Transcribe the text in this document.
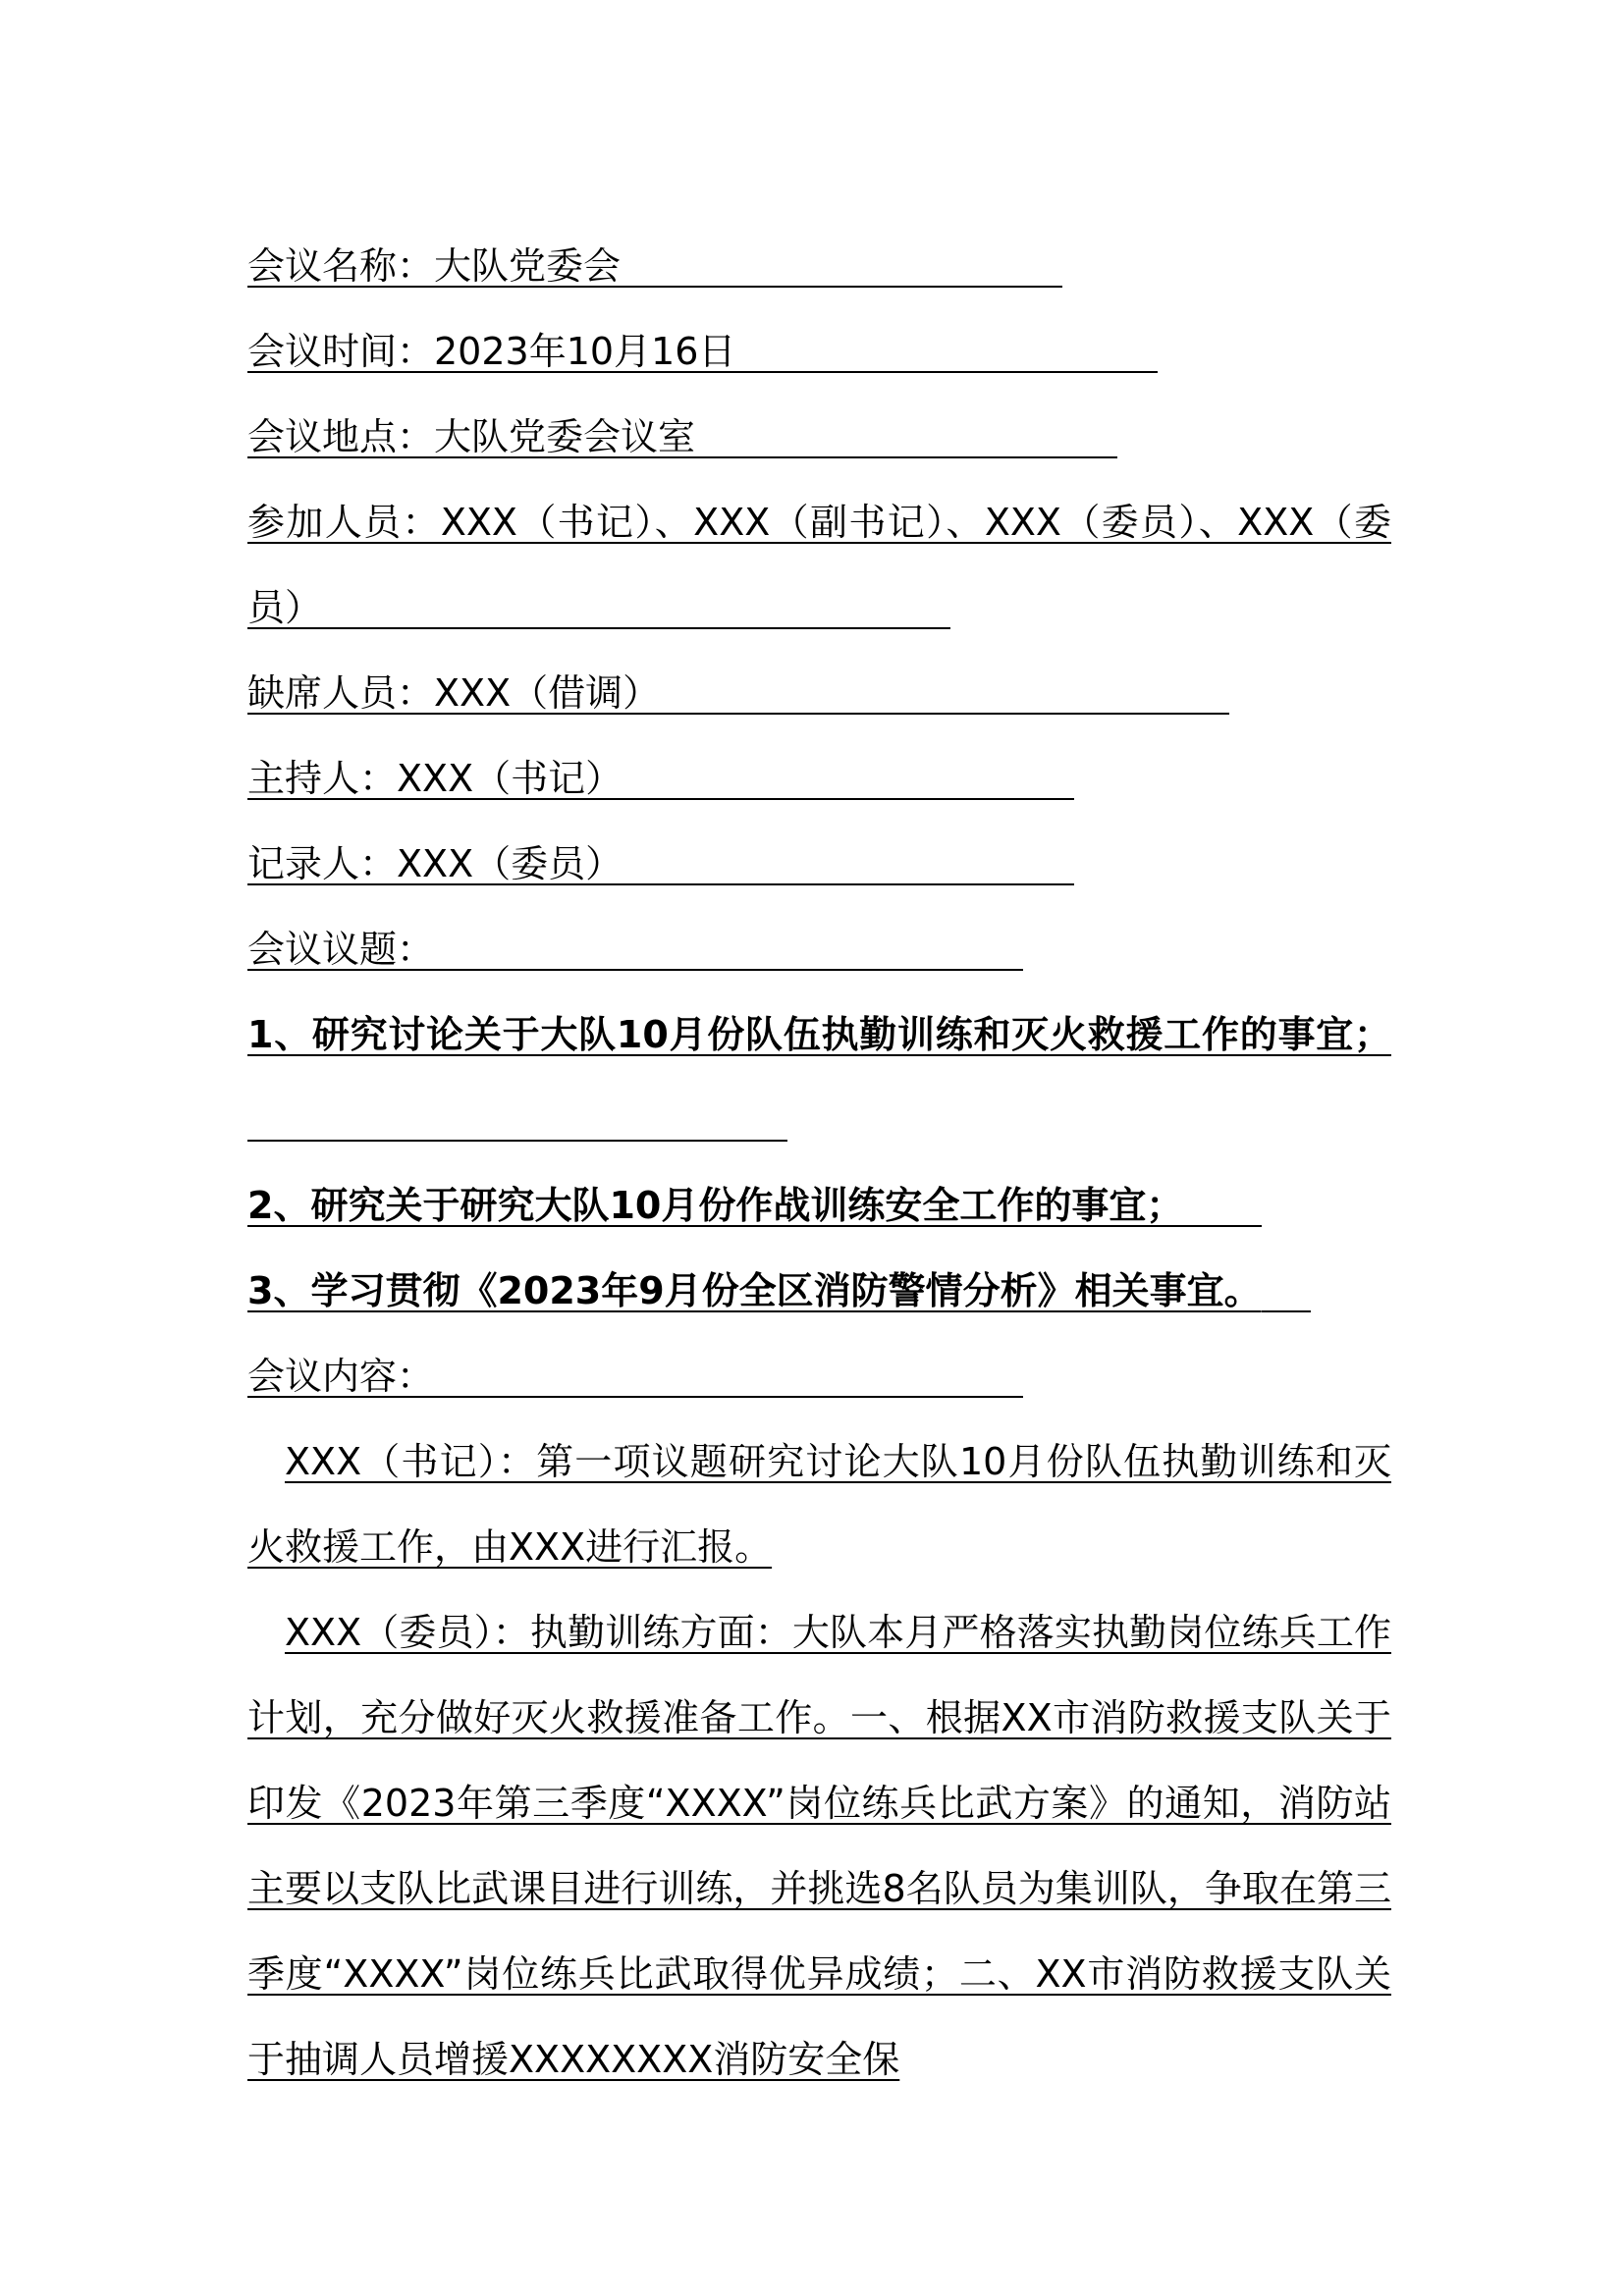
会议名称：大队党委会

会议时间：2023年10月16日

会议地点：大队党委会议室

参加人员：XXX（书记）、XXX（副书记）、XXX（委员）、XXX（委员）

缺席人员：XXX（借调）

主持人：XXX（书记）

记录人：XXX（委员）

会议议题：

1、研究讨论关于大队10月份队伍执勤训练和灭火救援工作的事宜；

2、研究关于研究大队10月份作战训练安全工作的事宜；

3、学习贯彻《2023年9月份全区消防警情分析》相关事宜。

会议内容：

XXX（书记）：第一项议题研究讨论大队10月份队伍执勤训练和灭火救援工作，由XXX进行汇报。

XXX（委员）：执勤训练方面：大队本月严格落实执勤岗位练兵工作计划，充分做好灭火救援准备工作。一、根据XX市消防救援支队关于印发《2023年第三季度“XXXX”岗位练兵比武方案》的通知，消防站主要以支队比武课目进行训练，并挑选8名队员为集训队，争取在第三季度“XXXX”岗位练兵比武取得优异成绩；二、XX市消防救援支队关于抽调人员增援XXXXXXXX消防安全保
